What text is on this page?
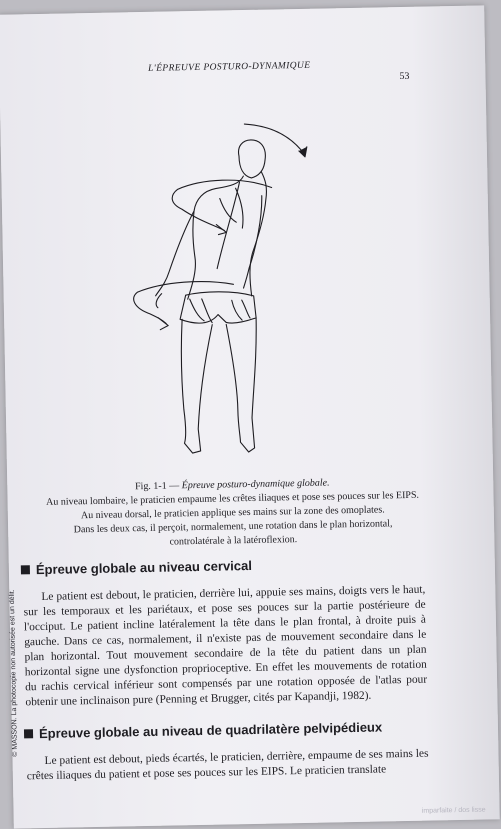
L'ÉPREUVE POSTURO-DYNAMIQUE
53
Fig. 1-1 — Épreuve posturo-dynamique globale.
Au niveau lombaire, le praticien empaume les crêtes iliaques et pose ses pouces sur les EIPS.
Au niveau dorsal, le praticien applique ses mains sur la zone des omoplates.
Dans les deux cas, il perçoit, normalement, une rotation dans le plan horizontal,
controlatérale à la latéroflexion.
Épreuve globale au niveau cervical

Le patient est debout, le praticien, derrière lui, appuie ses mains, doigts vers le haut, sur les temporaux et les pariétaux, et pose ses pouces sur la partie postérieure de l'occiput. Le patient incline latéralement la tête dans le plan frontal, à droite puis à gauche. Dans ce cas, normalement, il n'existe pas de mouvement secondaire dans le plan horizontal. Tout mouvement secondaire de la tête du patient dans un plan horizontal signe une dysfonction proprioceptive. En effet les mouvements de rotation du rachis cervical inférieur sont compensés par une rotation opposée de l'atlas pour obtenir une inclinaison pure (Penning et Brugger, cités par Kapandji, 1982).

Épreuve globale au niveau de quadrilatère pelvipédieux

Le patient est debout, pieds écartés, le praticien, derrière, empaume de ses mains les crêtes iliaques du patient et pose ses pouces sur les EIPS. Le praticien translate

© MASSON. La photocopie non autorisée est un délit.
imparfaite / dos lisse
